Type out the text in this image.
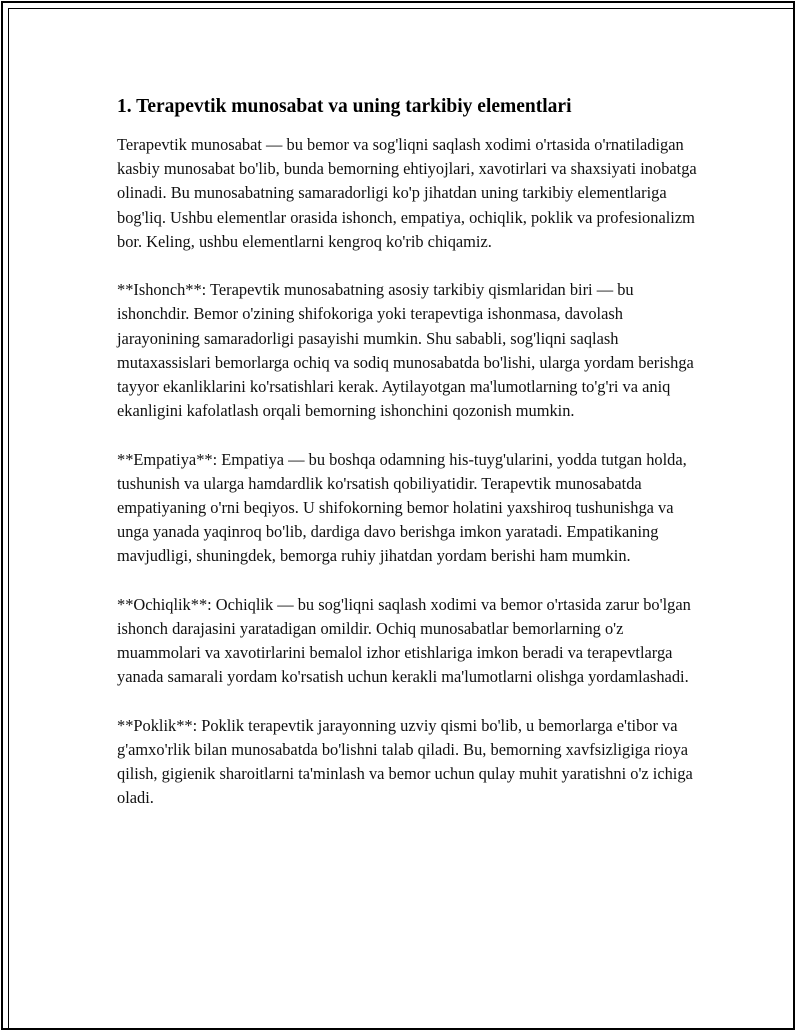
1. Terapevtik munosabat va uning tarkibiy elementlari

Terapevtik munosabat — bu bemor va sog'liqni saqlash xodimi o'rtasida o'rnatiladigan kasbiy munosabat bo'lib, bunda bemorning ehtiyojlari, xavotirlari va shaxsiyati inobatga olinadi. Bu munosabatning samaradorligi ko'p jihatdan uning tarkibiy elementlariga bog'liq. Ushbu elementlar orasida ishonch, empatiya, ochiqlik, poklik va profesionalizm bor. Keling, ushbu elementlarni kengroq ko'rib chiqamiz.

**Ishonch**: Terapevtik munosabatning asosiy tarkibiy qismlaridan biri — bu ishonchdir. Bemor o'zining shifokoriga yoki terapevtiga ishonmasa, davolash jarayonining samaradorligi pasayishi mumkin. Shu sababli, sog'liqni saqlash mutaxassislari bemorlarga ochiq va sodiq munosabatda bo'lishi, ularga yordam berishga tayyor ekanliklarini ko'rsatishlari kerak. Aytilayotgan ma'lumotlarning to'g'ri va aniq ekanligini kafolatlash orqali bemorning ishonchini qozonish mumkin.

**Empatiya**: Empatiya — bu boshqa odamning his-tuyg'ularini, yodda tutgan holda, tushunish va ularga hamdardlik ko'rsatish qobiliyatidir. Terapevtik munosabatda empatiyaning o'rni beqiyos. U shifokorning bemor holatini yaxshiroq tushunishga va unga yanada yaqinroq bo'lib, dardiga davo berishga imkon yaratadi. Empatikaning mavjudligi, shuningdek, bemorga ruhiy jihatdan yordam berishi ham mumkin.

**Ochiqlik**: Ochiqlik — bu sog'liqni saqlash xodimi va bemor o'rtasida zarur bo'lgan ishonch darajasini yaratadigan omildir. Ochiq munosabatlar bemorlarning o'z muammolari va xavotirlarini bemalol izhor etishlariga imkon beradi va terapevtlarga yanada samarali yordam ko'rsatish uchun kerakli ma'lumotlarni olishga yordamlashadi.

**Poklik**: Poklik terapevtik jarayonning uzviy qismi bo'lib, u bemorlarga e'tibor va g'amxo'rlik bilan munosabatda bo'lishni talab qiladi. Bu, bemorning xavfsizligiga rioya qilish, gigienik sharoitlarni ta'minlash va bemor uchun qulay muhit yaratishni o'z ichiga oladi.
